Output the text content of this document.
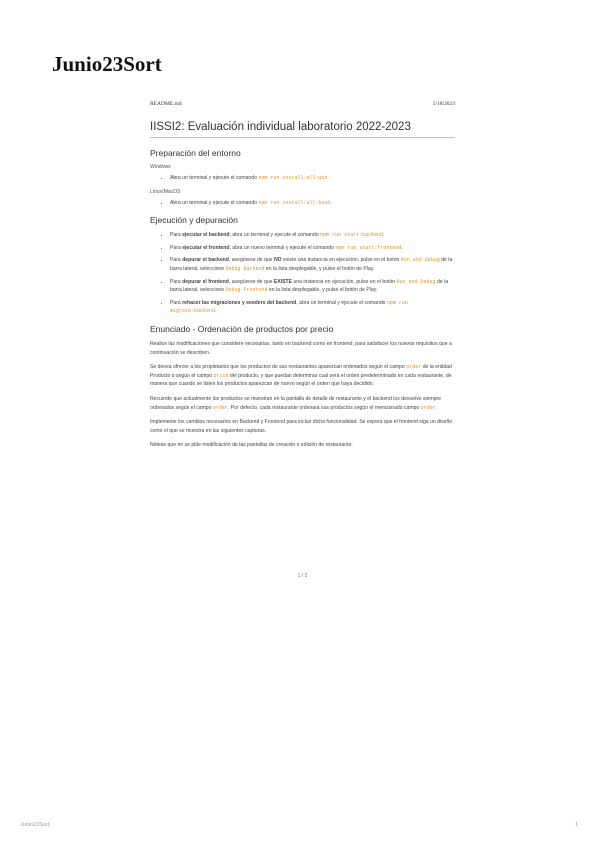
Junio23Sort
README.md	5/18/2023
IISSI2: Evaluación individual laboratorio 2022-2023
Preparación del entorno

Windows

• Abra un terminal y ejecute el comando npm run install:all:win.

Linux/MacOS

• Abra un terminal y ejecute el comando npm run install:all:bash.
Ejecución y depuración
• Para ejecutar el backend, abra un terminal y ejecute el comando npm run start:backend.
• Para ejecutar el frontend, abra un nuevo terminal y ejecute el comando npm run start:frontend.
• Para depurar el backend, asegúrese de que NO existe una instancia en ejecución, pulse en el botón Run and Debug de la barra lateral, seleccione Debug Backend en la lista desplegable, y pulse el botón de Play.
• Para depurar el frontend, asegúrese de que EXISTE una instancia en ejecución, pulse en el botón Run and Debug de la barra lateral, seleccione Debug Frontend en la lista desplegable, y pulse el botón de Play.
• Para rehacer las migraciones y seeders del backend, abra un terminal y ejecute el comando npm run migrate:backend.
Enunciado - Ordenación de productos por precio

Realice las modificaciones que considere necesarias, tanto en backend como en frontend, para satisfacer los nuevos requisitos que a continuación se describen.

Se desea ofrecer a los propietarios que los productos de sus restaurantes aparezcan ordenados según el campo order de la entidad Producto o según el campo price del producto, y que puedan determinar cual será el orden predeterminado en cada restaurante, de manera que cuando se listen los productos aparezcan de nuevo según el orden que haya decidido.

Recuerde que actualmente los productos se muestran en la pantalla de detalle de restaurante y el backend los devuelve siempre ordenados según el campo order. Por defecto, cada restaurante ordenará sus productos según el mencionado campo order.

Implemente los cambios necesarios en Backend y Frontend para incluir dicha funcionalidad. Se espera que el frontend siga un diseño como el que se muestra en las siguientes capturas.

Nótese que no se pide modificación de las pantallas de creación o edición de restaurante.

1 / 2
Junio23Sort	1
